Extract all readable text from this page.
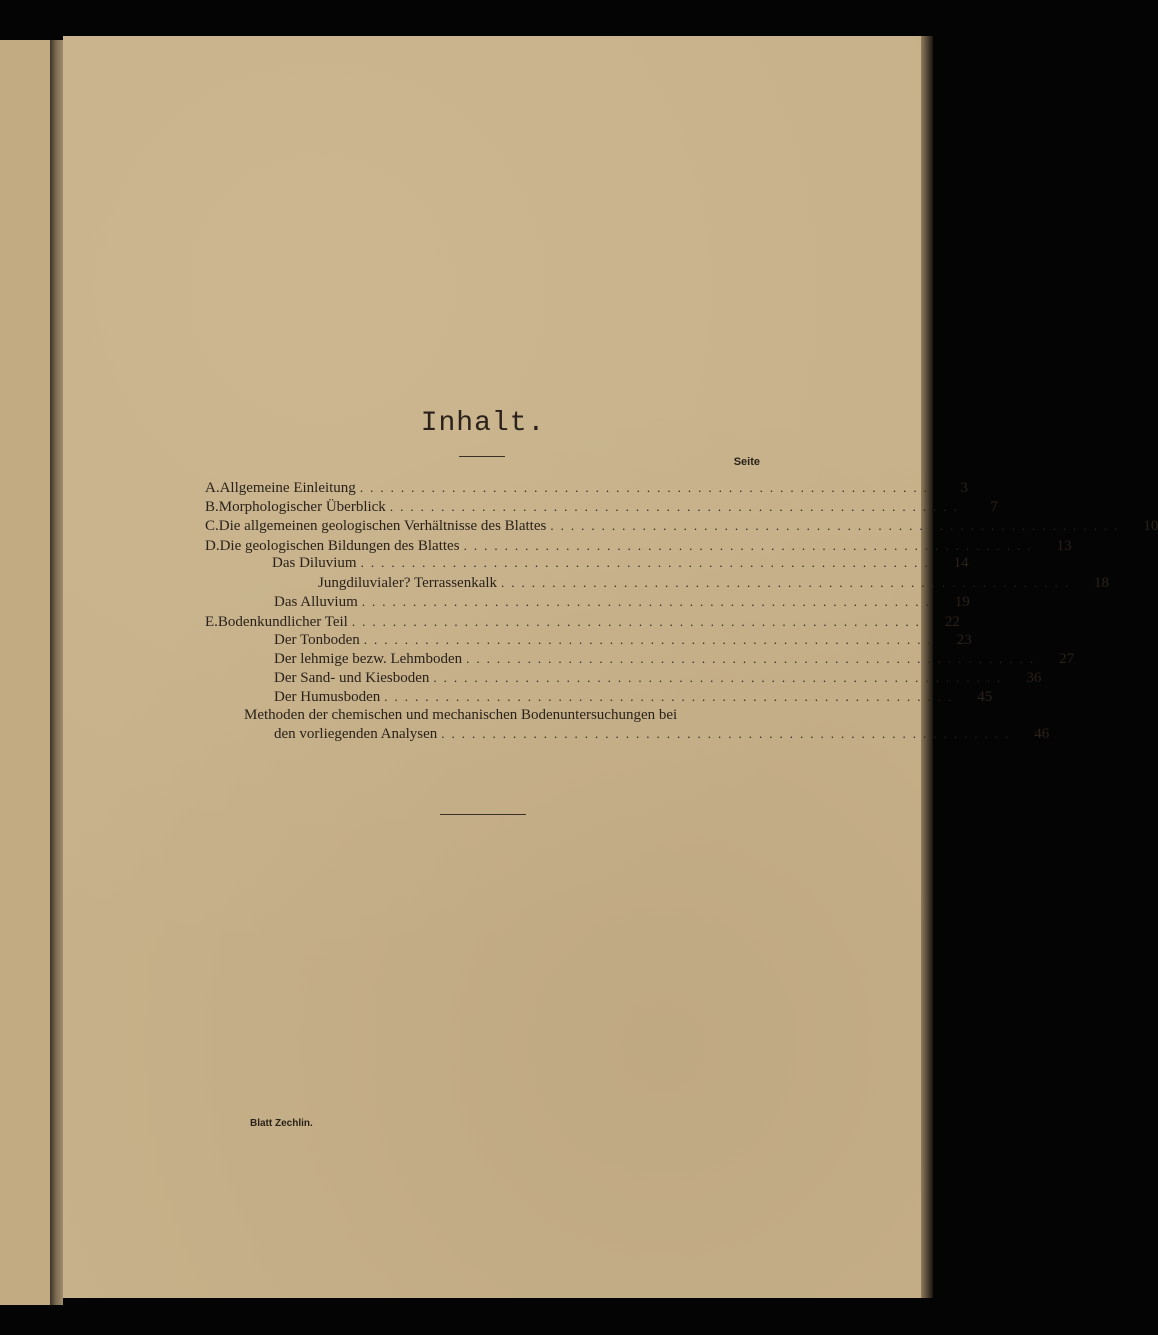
Inhalt.
Seite
A. Allgemeine Einleitung ........................................................	3
B. Morphologischer Überblick ........................................................	7
C. Die allgemeinen geologischen Verhältnisse des Blattes ........................................................	10
D. Die geologischen Bildungen des Blattes ........................................................	13
Das Diluvium ........................................................	14
Jungdiluvialer? Terrassenkalk ........................................................	18
Das Alluvium ........................................................	19
E. Bodenkundlicher Teil ........................................................	22
Der Tonboden ........................................................	23
Der lehmige bezw. Lehmboden ........................................................	27
Der Sand- und Kiesboden ........................................................	36
Der Humusboden ........................................................	45
Methoden der chemischen und mechanischen Bodenuntersuchungen bei
den vorliegenden Analysen ........................................................	46
Blatt Zechlin.
